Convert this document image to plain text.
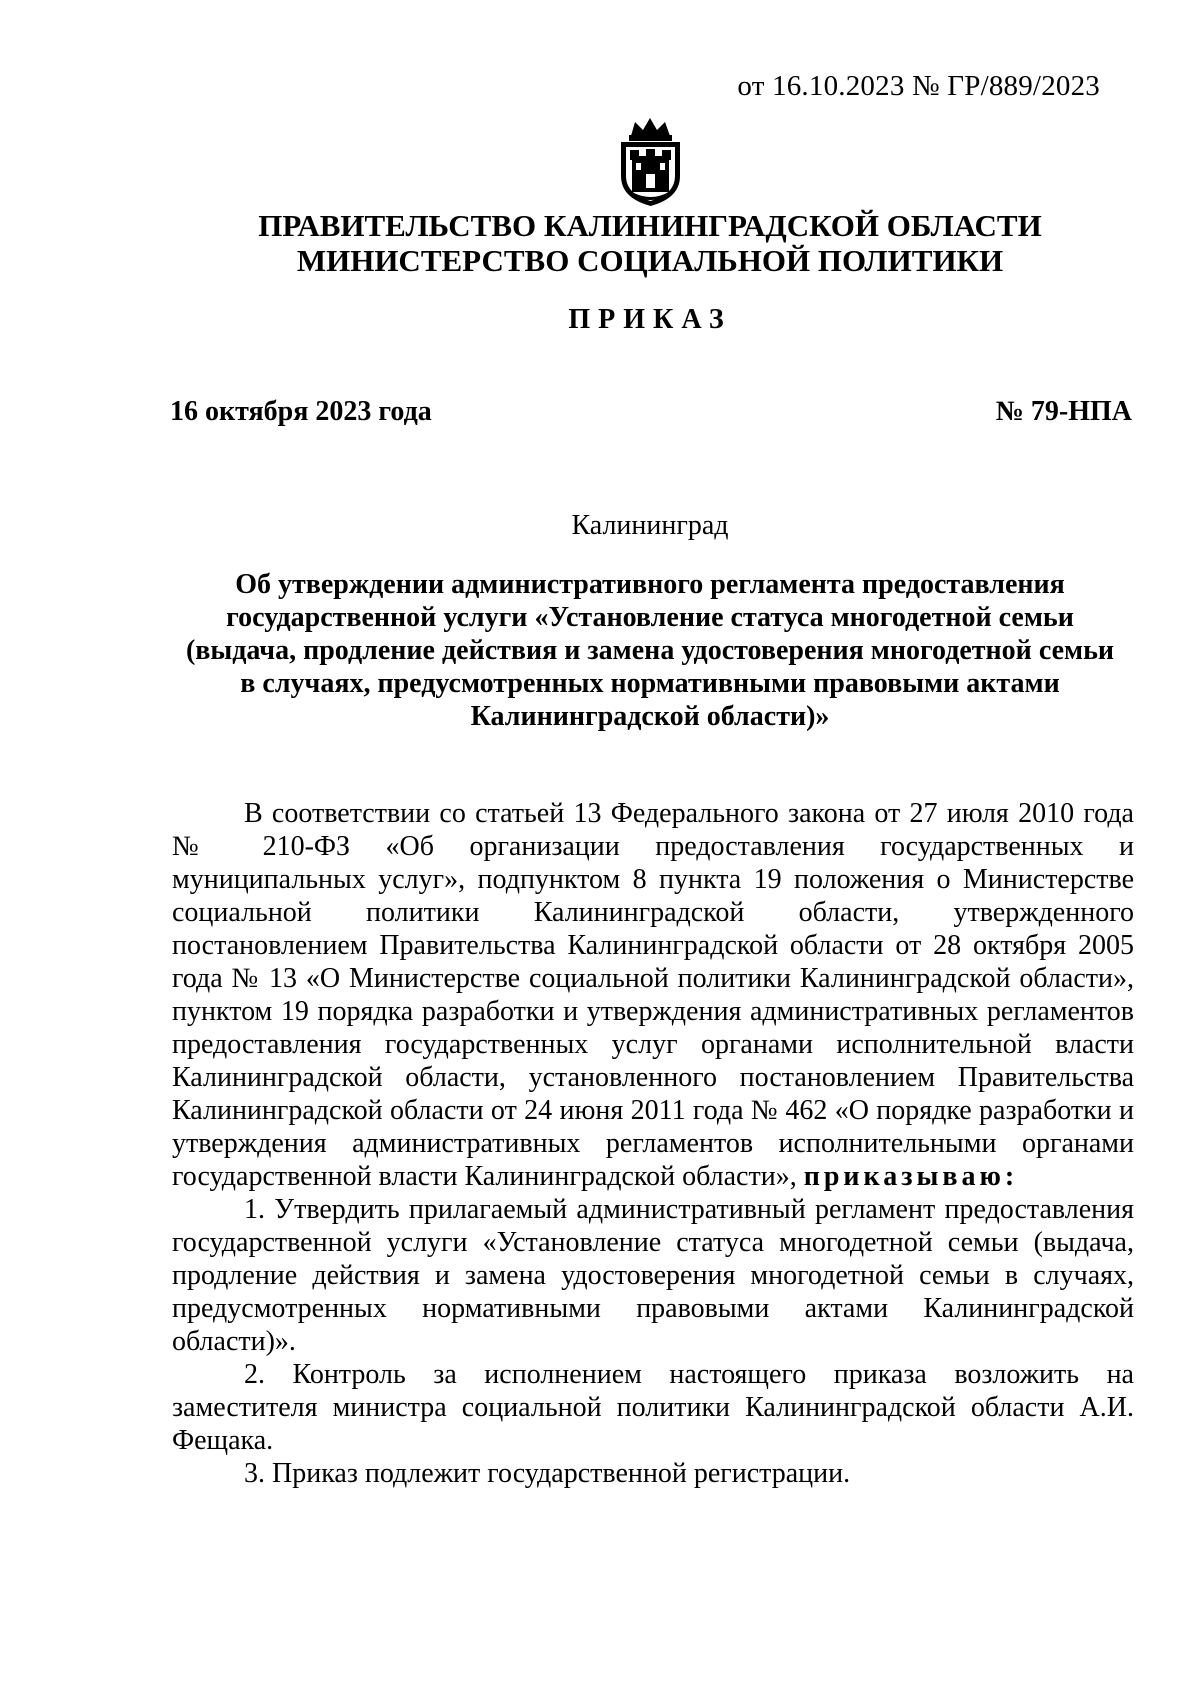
от 16.10.2023 № ГР/889/2023
ПРАВИТЕЛЬСТВО КАЛИНИНГРАДСКОЙ ОБЛАСТИ
МИНИСТЕРСТВО СОЦИАЛЬНОЙ ПОЛИТИКИ
ПРИКАЗ
16 октября 2023 года	№ 79-НПА
Калининград
Об утверждении административного регламента предоставления
государственной услуги «Установление статуса многодетной семьи
(выдача, продление действия и замена удостоверения многодетной семьи
в случаях, предусмотренных нормативными правовыми актами
Калининградской области)»

В соответствии со статьей 13 Федерального закона от 27 июля 2010 года № 210-ФЗ «Об организации предоставления государственных и муниципальных услуг», подпунктом 8 пункта 19 положения о Министерстве социальной политики Калининградской области, утвержденного постановлением Правительства Калининградской области от 28 октября 2005 года № 13 «О Министерстве социальной политики Калининградской области», пунктом 19 порядка разработки и утверждения административных регламентов предоставления государственных услуг органами исполнительной власти Калининградской области, установленного постановлением Правительства Калининградской области от 24 июня 2011 года № 462 «О порядке разработки и утверждения административных регламентов исполнительными органами государственной власти Калининградской области», приказываю:

1. Утвердить прилагаемый административный регламент предоставления государственной услуги «Установление статуса многодетной семьи (выдача, продление действия и замена удостоверения многодетной семьи в случаях, предусмотренных нормативными правовыми актами Калининградской области)».

2. Контроль за исполнением настоящего приказа возложить на заместителя министра социальной политики Калининградской области А.И. Фещака.

3. Приказ подлежит государственной регистрации.
